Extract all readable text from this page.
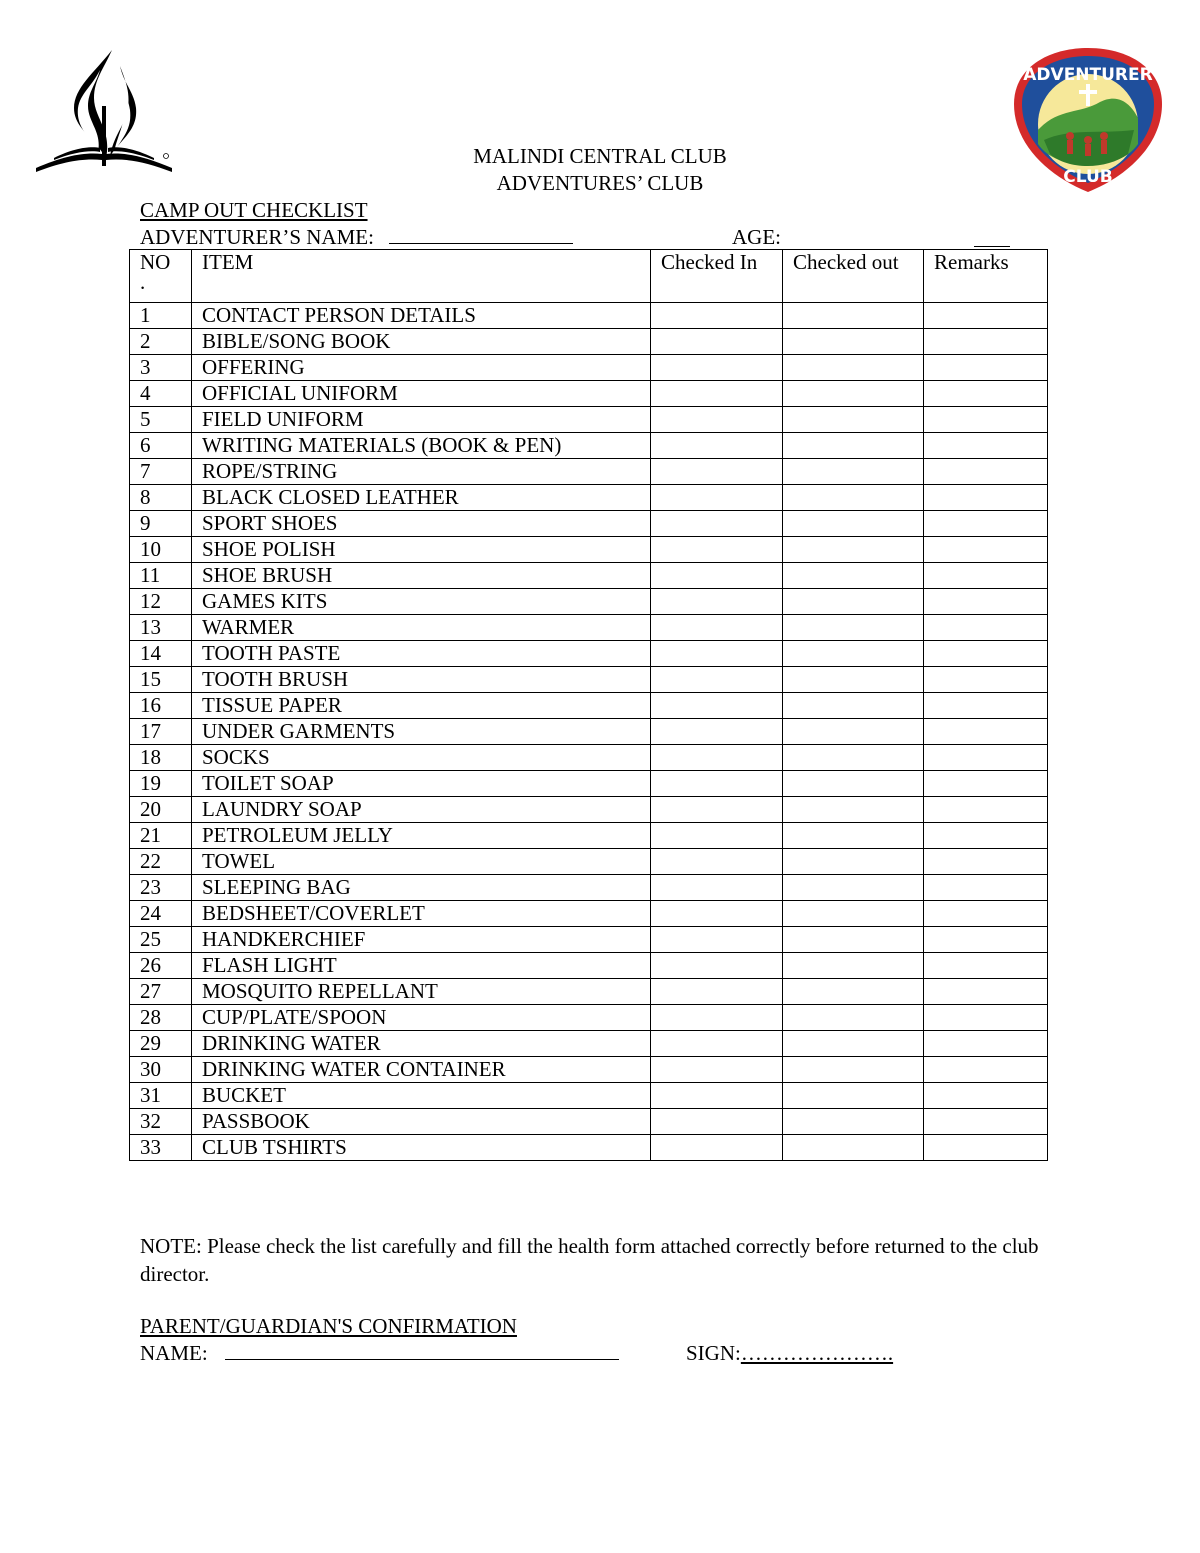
ADVENTURER
CLUB
MALINDI CENTRAL CLUB
ADVENTURES’ CLUB
CAMP OUT CHECKLIST
ADVENTURER’S NAME:	AGE:
NO
.	ITEM	Checked In	Checked out	Remarks
1	CONTACT PERSON DETAILS			
2	BIBLE/SONG BOOK			
3	OFFERING			
4	OFFICIAL UNIFORM			
5	FIELD UNIFORM			
6	WRITING MATERIALS (BOOK & PEN)			
7	ROPE/STRING			
8	BLACK CLOSED LEATHER			
9	SPORT SHOES			
10	SHOE POLISH			
11	SHOE BRUSH			
12	GAMES KITS			
13	WARMER			
14	TOOTH PASTE			
15	TOOTH BRUSH			
16	TISSUE PAPER			
17	UNDER GARMENTS			
18	SOCKS			
19	TOILET SOAP			
20	LAUNDRY SOAP			
21	PETROLEUM JELLY			
22	TOWEL			
23	SLEEPING BAG			
24	BEDSHEET/COVERLET			
25	HANDKERCHIEF			
26	FLASH LIGHT			
27	MOSQUITO REPELLANT			
28	CUP/PLATE/SPOON			
29	DRINKING WATER			
30	DRINKING WATER CONTAINER			
31	BUCKET			
32	PASSBOOK			
33	CLUB TSHIRTS			
NOTE: Please check the list carefully and fill the health form attached correctly before returned to the club director.
PARENT/GUARDIAN'S CONFIRMATION
NAME:	SIGN:………………….
